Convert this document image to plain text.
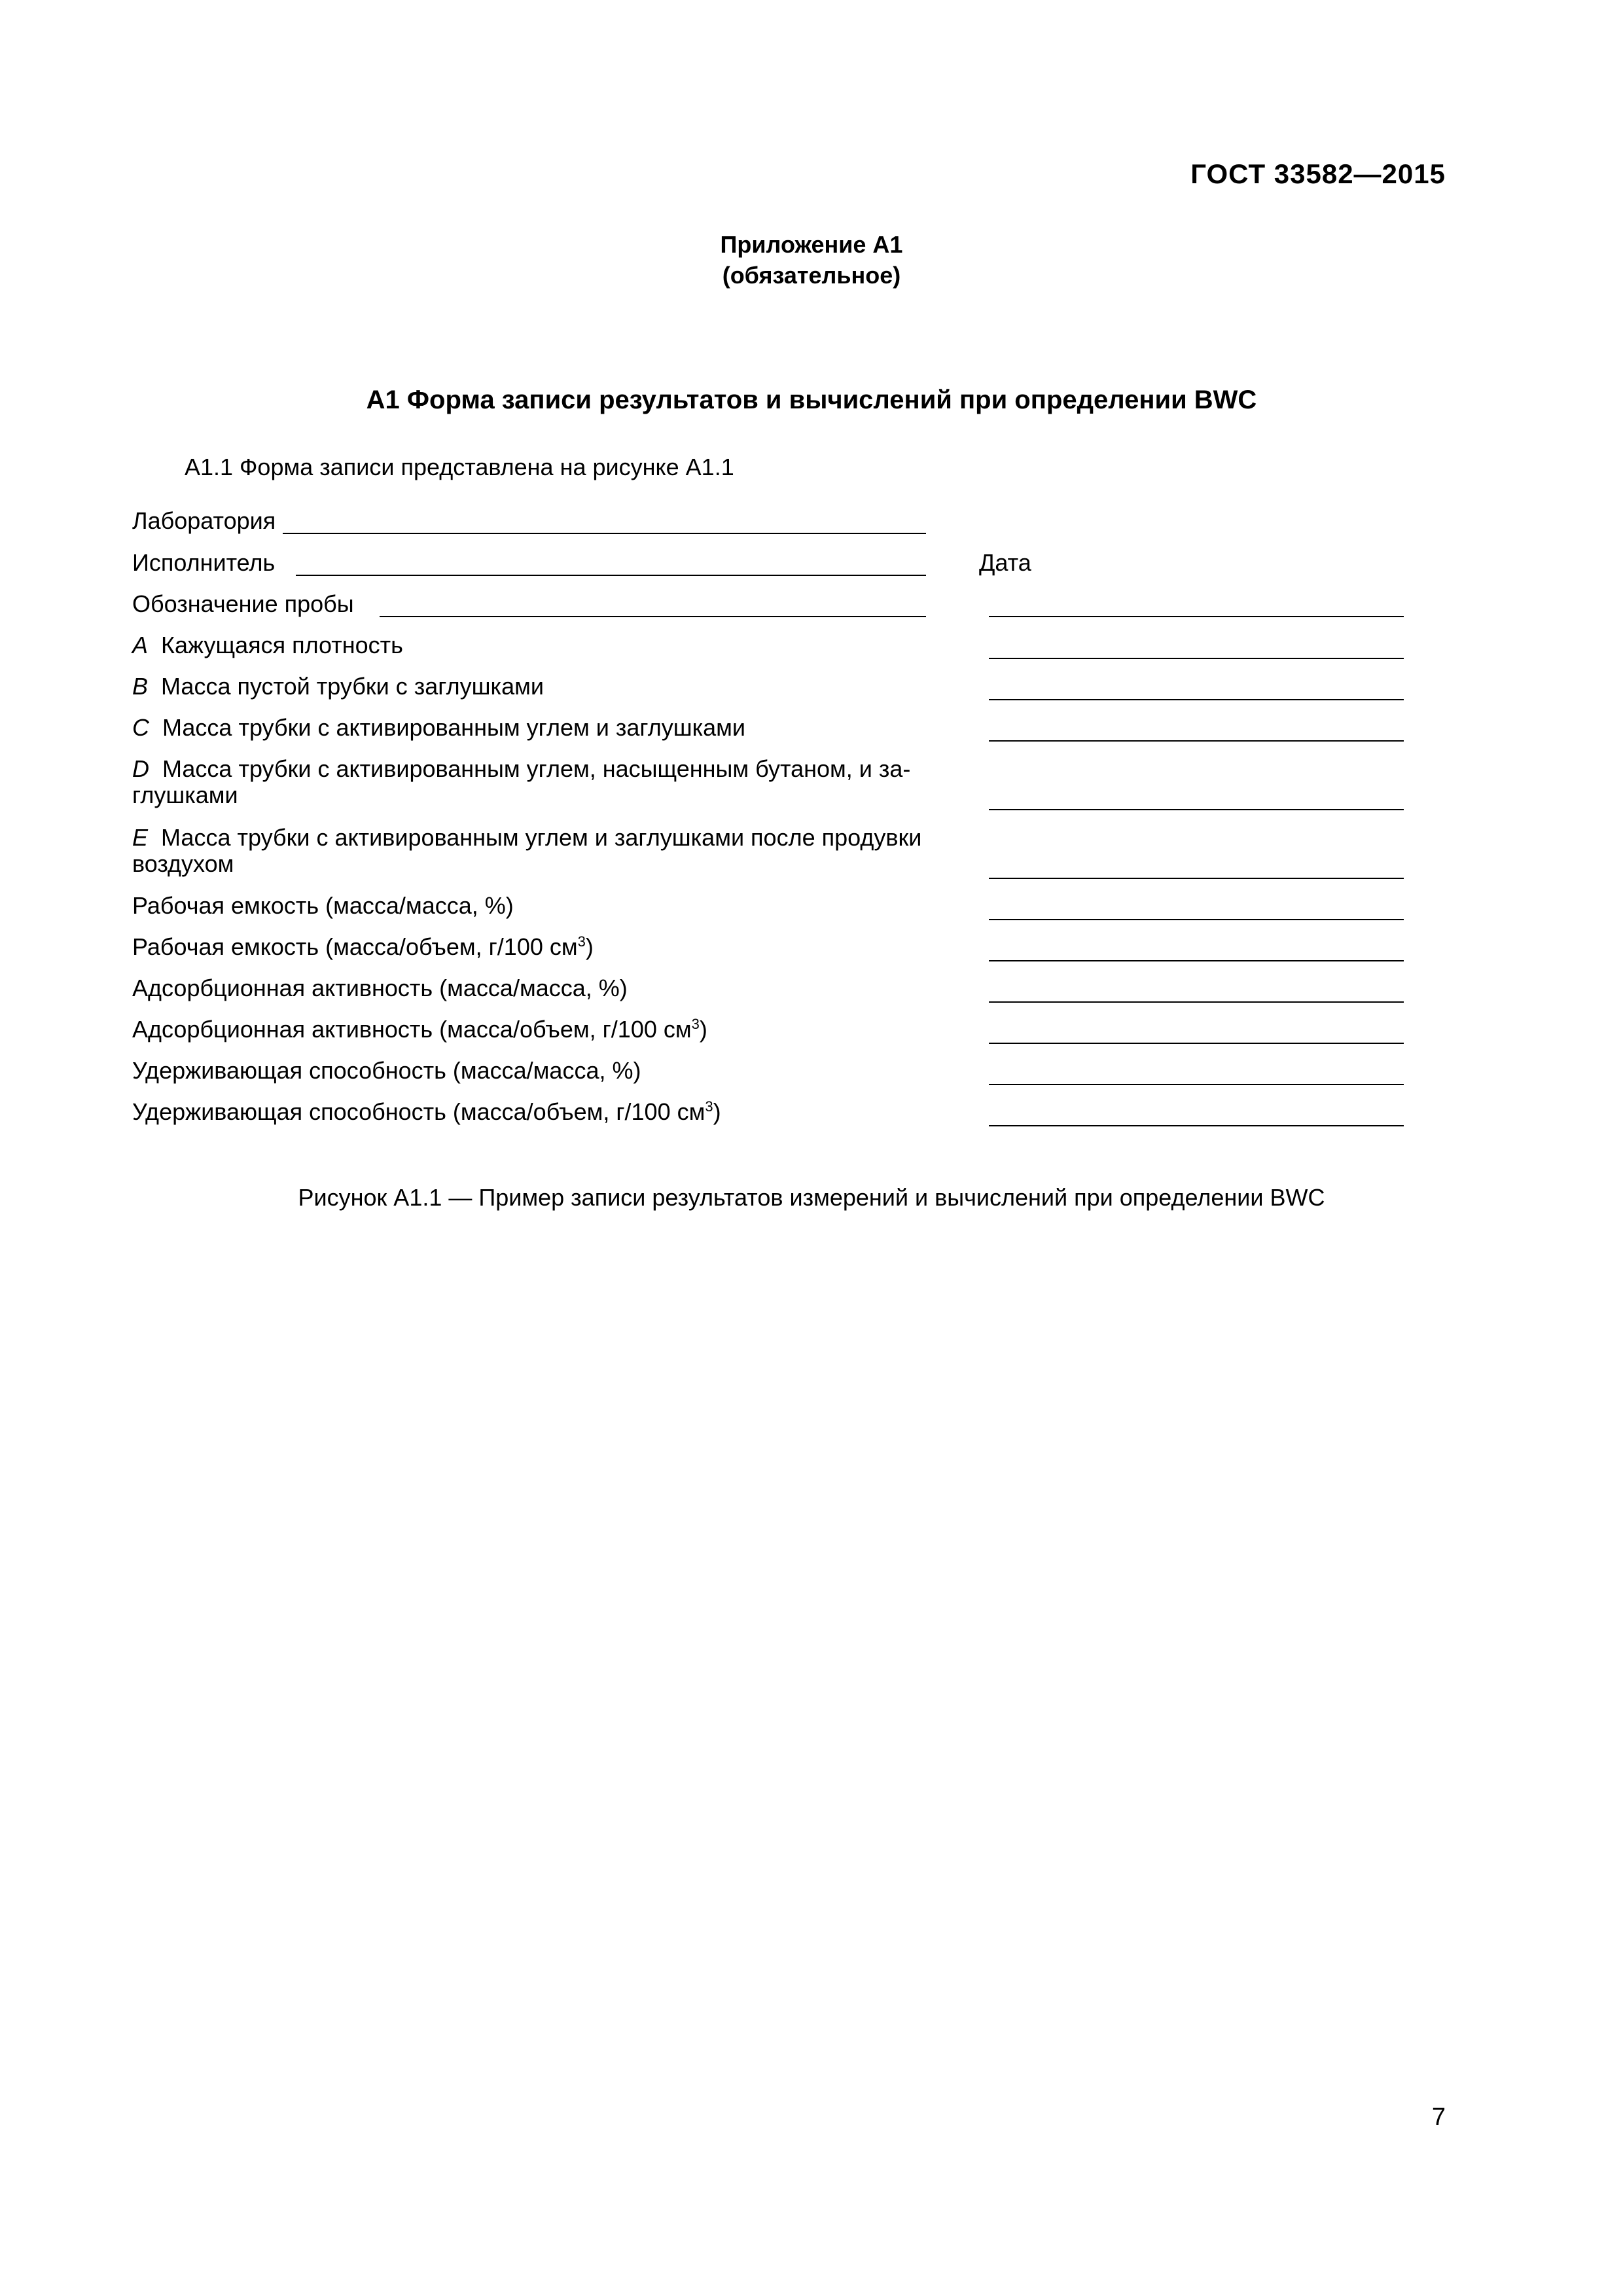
ГОСТ 33582—2015
Приложение А1
(обязательное)
А1 Форма записи результатов и вычислений при определении BWC
А1.1 Форма записи представлена на рисунке А1.1
Лаборатория
Исполнитель	Дата
Обозначение пробы
А Кажущаяся плотность
В Масса пустой трубки с заглушками
С Масса трубки с активированным углем и заглушками
D Масса трубки с активированным углем, насыщенным бутаном, и за-
глушками
E Масса трубки с активированным углем и заглушками после продувки
воздухом
Рабочая емкость (масса/масса, %)
Рабочая емкость (масса/объем, г/100 $см^3$)
Адсорбционная активность (масса/масса, %)
Адсорбционная активность (масса/объем, г/100 $см^3$)
Удерживающая способность (масса/масса, %)
Удерживающая способность (масса/объем, г/100 $см^3$)
Рисунок А1.1 — Пример записи результатов измерений и вычислений при определении BWC
7
